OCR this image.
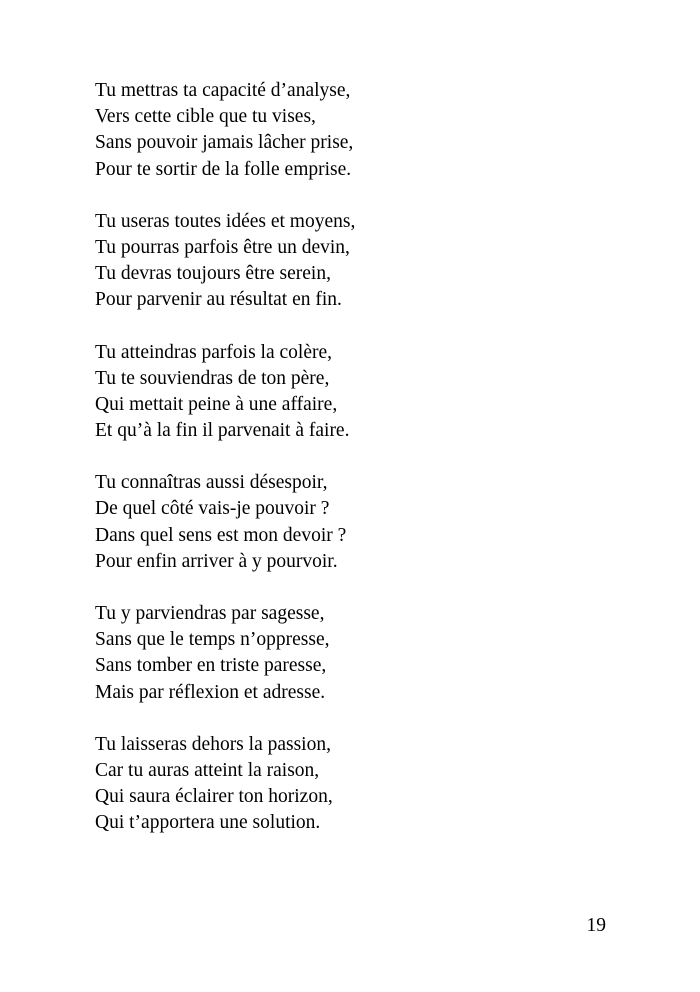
Tu mettras ta capacité d’analyse,
Vers cette cible que tu vises,
Sans pouvoir jamais lâcher prise,
Pour te sortir de la folle emprise.
Tu useras toutes idées et moyens,
Tu pourras parfois être un devin,
Tu devras toujours être serein,
Pour parvenir au résultat en fin.
Tu atteindras parfois la colère,
Tu te souviendras de ton père,
Qui mettait peine à une affaire,
Et qu’à la fin il parvenait à faire.
Tu connaîtras aussi désespoir,
De quel côté vais-je pouvoir ?
Dans quel sens est mon devoir ?
Pour enfin arriver à y pourvoir.
Tu y parviendras par sagesse,
Sans que le temps n’oppresse,
Sans tomber en triste paresse,
Mais par réflexion et adresse.
Tu laisseras dehors la passion,
Car tu auras atteint la raison,
Qui saura éclairer ton horizon,
Qui t’apportera une solution.
19
